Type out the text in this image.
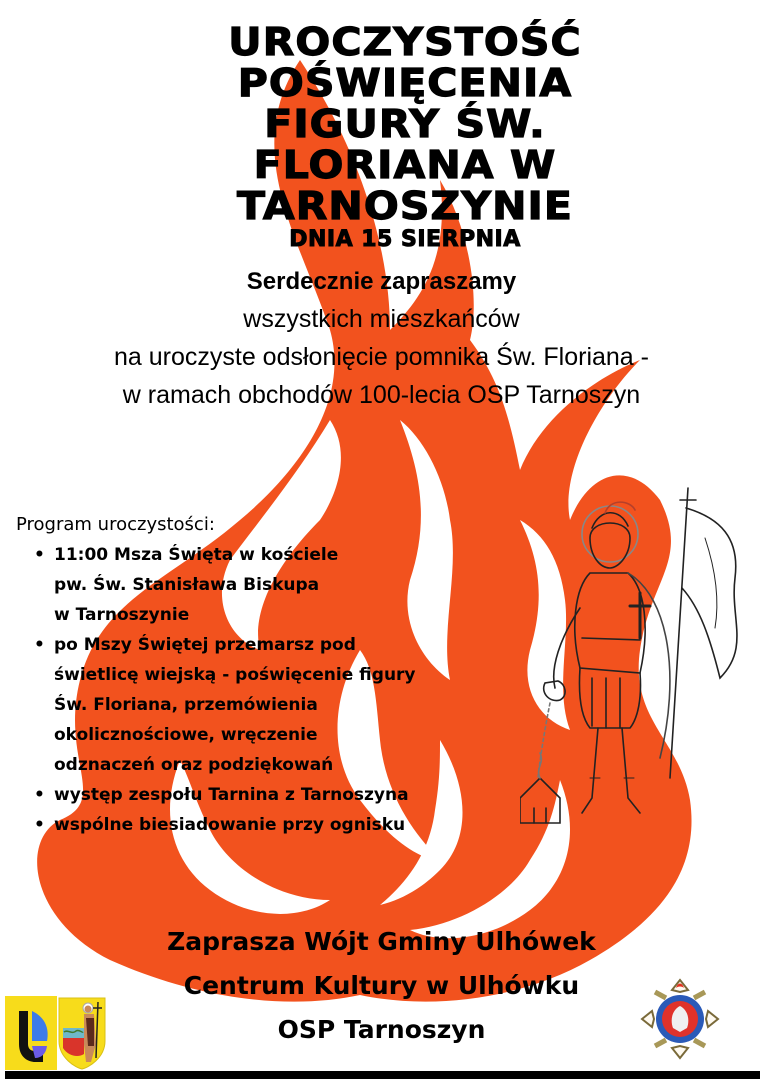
UROCZYSTOŚĆ
POŚWIĘCENIA
FIGURY ŚW.
FLORIANA W
TARNOSZYNIE
DNIA 15 SIERPNIA
Serdecznie zapraszamy
wszystkich mieszkańców
na uroczyste odsłonięcie pomnika Św. Floriana -
w ramach obchodów 100-lecia OSP Tarnoszyn
Program uroczystości:
• 11:00 Msza Święta w kościele
pw. Św. Stanisława Biskupa
w Tarnoszynie
• po Mszy Świętej przemarsz pod
świetlicę wiejską - poświęcenie figury
Św. Floriana, przemówienia
okolicznościowe, wręczenie
odznaczeń oraz podziękowań
• występ zespołu Tarnina z Tarnoszyna
• wspólne biesiadowanie przy ognisku
Zaprasza Wójt Gminy Ulhówek
Centrum Kultury w Ulhówku
OSP Tarnoszyn
